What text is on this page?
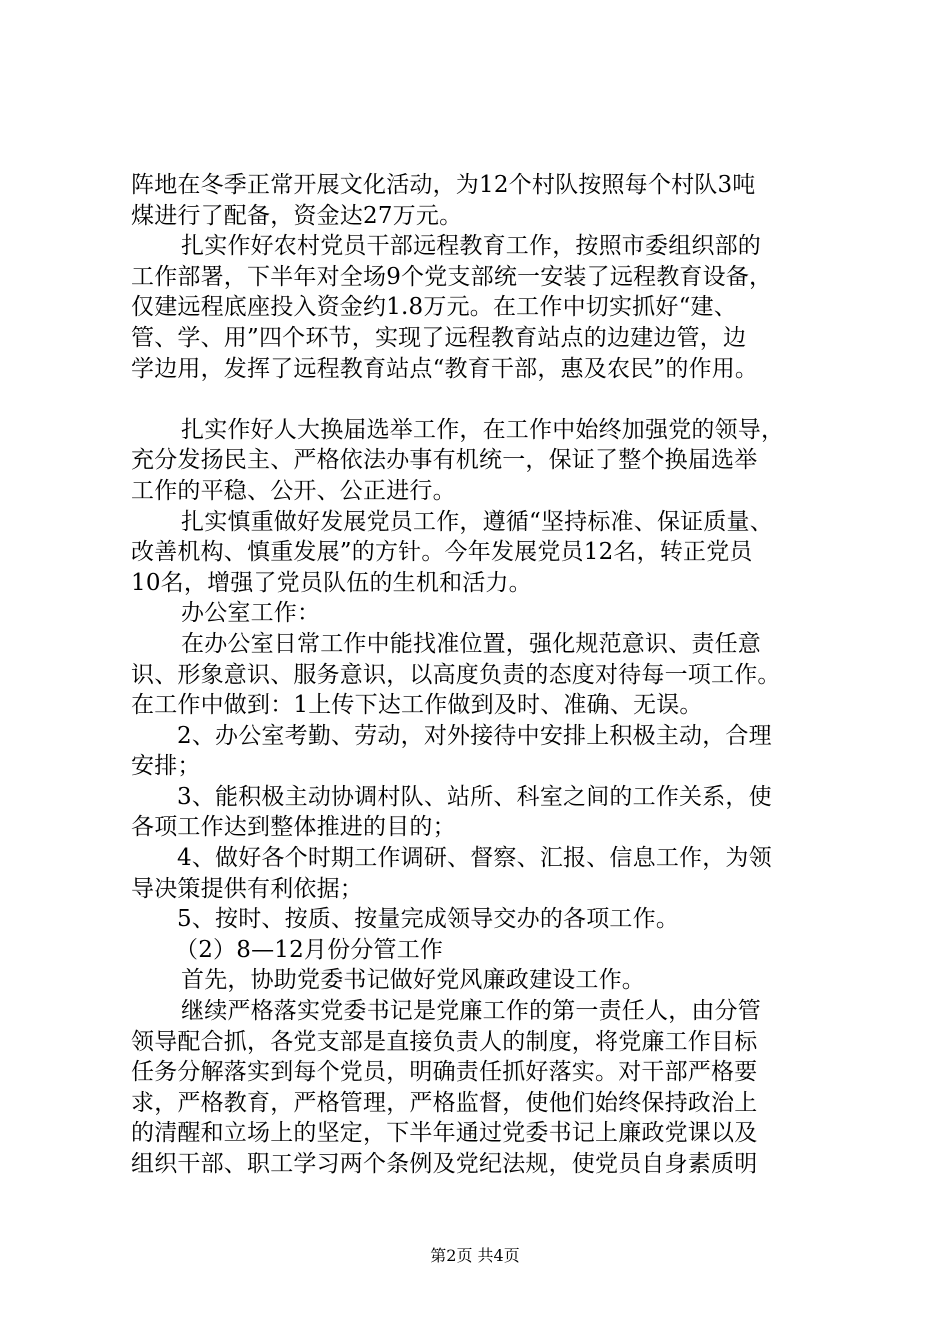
阵地在冬季正常开展文化活动，为12个村队按照每个村队3吨
煤进行了配备，资金达27万元。
扎实作好农村党员干部远程教育工作，按照市委组织部的
工作部署，下半年对全场9个党支部统一安装了远程教育设备，
仅建远程底座投入资金约1.8万元。在工作中切实抓好“建、
管、学、用”四个环节，实现了远程教育站点的边建边管，边
学边用，发挥了远程教育站点“教育干部，惠及农民”的作用。
扎实作好人大换届选举工作，在工作中始终加强党的领导，
充分发扬民主、严格依法办事有机统一，保证了整个换届选举
工作的平稳、公开、公正进行。
扎实慎重做好发展党员工作，遵循“坚持标准、保证质量、
改善机构、慎重发展”的方针。今年发展党员12名，转正党员
10名，增强了党员队伍的生机和活力。
办公室工作：
在办公室日常工作中能找准位置，强化规范意识、责任意
识、形象意识、服务意识，以高度负责的态度对待每一项工作。
在工作中做到：1上传下达工作做到及时、准确、无误。
2、办公室考勤、劳动，对外接待中安排上积极主动，合理
安排；
3、能积极主动协调村队、站所、科室之间的工作关系，使
各项工作达到整体推进的目的；
4、做好各个时期工作调研、督察、汇报、信息工作，为领
导决策提供有利依据；
5、按时、按质、按量完成领导交办的各项工作。
（2）8—12月份分管工作
首先，协助党委书记做好党风廉政建设工作。
继续严格落实党委书记是党廉工作的第一责任人，由分管
领导配合抓，各党支部是直接负责人的制度，将党廉工作目标
任务分解落实到每个党员，明确责任抓好落实。对干部严格要
求，严格教育，严格管理，严格监督，使他们始终保持政治上
的清醒和立场上的坚定，下半年通过党委书记上廉政党课以及
组织干部、职工学习两个条例及党纪法规，使党员自身素质明
第2页 共4页
